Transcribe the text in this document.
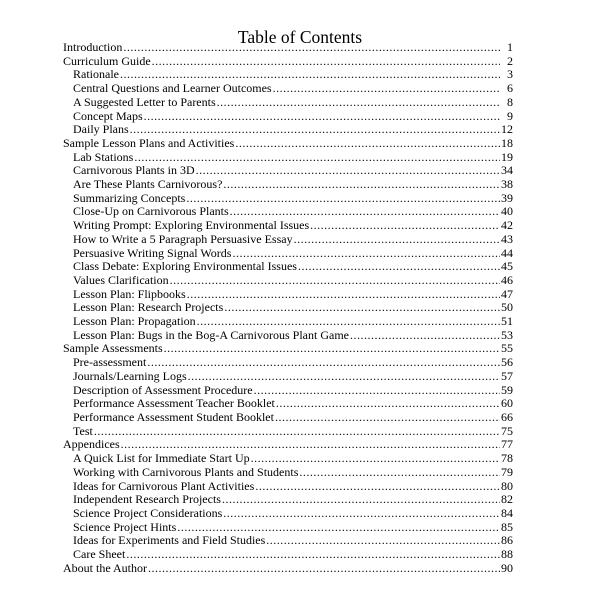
Table of Contents
Introduction .....	1
Curriculum Guide .....	2
Rationale .....	3
Central Questions and Learner Outcomes .....	6
A Suggested Letter to Parents .....	8
Concept Maps .....	9
Daily Plans .....	12
Sample Lesson Plans and Activities .....	18
Lab Stations .....	19
Carnivorous Plants in 3D .....	34
Are These Plants Carnivorous? .....	38
Summarizing Concepts .....	39
Close-Up on Carnivorous Plants .....	40
Writing Prompt: Exploring Environmental Issues .....	42
How to Write a 5 Paragraph Persuasive Essay .....	43
Persuasive Writing Signal Words .....	44
Class Debate: Exploring Environmental Issues .....	45
Values Clarification .....	46
Lesson Plan: Flipbooks .....	47
Lesson Plan: Research Projects .....	50
Lesson Plan: Propagation .....	51
Lesson Plan: Bugs in the Bog-A Carnivorous Plant Game .....	53
Sample Assessments .....	55
Pre-assessment .....	56
Journals/Learning Logs .....	57
Description of Assessment Procedure .....	59
Performance Assessment Teacher Booklet .....	60
Performance Assessment Student Booklet .....	66
Test .....	75
Appendices .....	77
A Quick List for Immediate Start Up .....	78
Working with Carnivorous Plants and Students .....	79
Ideas for Carnivorous Plant Activities .....	80
Independent Research Projects .....	82
Science Project Considerations .....	84
Science Project Hints .....	85
Ideas for Experiments and Field Studies .....	86
Care Sheet .....	88
About the Author .....	90
